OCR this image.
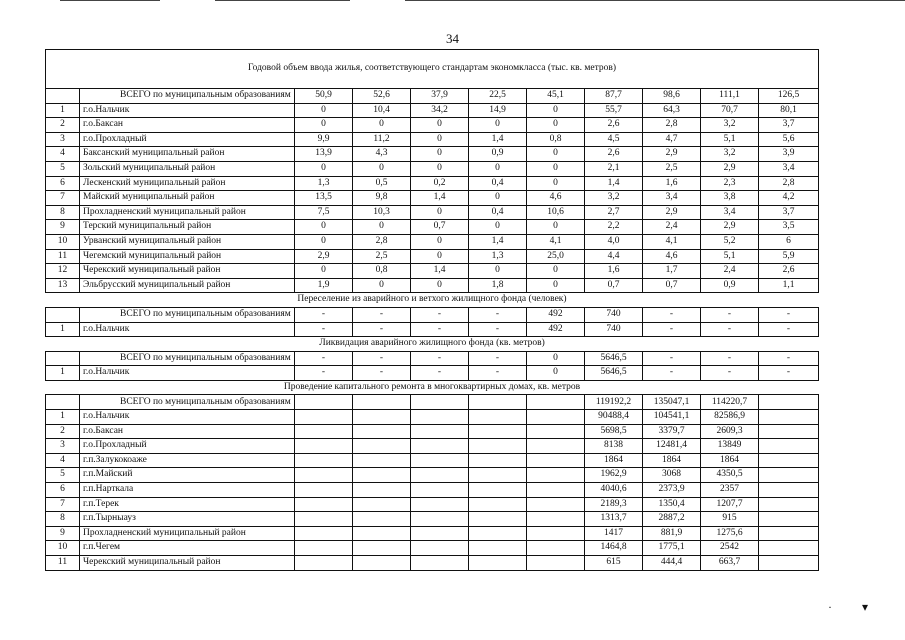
34
Годовой объем ввода жилья, соответствующего стандартам экономкласса (тыс. кв. метров)										
	ВСЕГО по муниципальным образованиям	50,9	52,6	37,9	22,5	45,1	87,7	98,6	111,1	126,5
1	г.о.Нальчик	0	10,4	34,2	14,9	0	55,7	64,3	70,7	80,1
2	г.о.Баксан	0	0	0	0	0	2,6	2,8	3,2	3,7
3	г.о.Прохладный	9,9	11,2	0	1,4	0,8	4,5	4,7	5,1	5,6
4	Баксанский муниципальный район	13,9	4,3	0	0,9	0	2,6	2,9	3,2	3,9
5	Зольский муниципальный район	0	0	0	0	0	2,1	2,5	2,9	3,4
6	Лескенский муниципальный район	1,3	0,5	0,2	0,4	0	1,4	1,6	2,3	2,8
7	Майский муниципальный район	13,5	9,8	1,4	0	4,6	3,2	3,4	3,8	4,2
8	Прохладненский муниципальный район	7,5	10,3	0	0,4	10,6	2,7	2,9	3,4	3,7
9	Терский муниципальный район	0	0	0,7	0	0	2,2	2,4	2,9	3,5
10	Урванский муниципальный район	0	2,8	0	1,4	4,1	4,0	4,1	5,2	6
11	Чегемский муниципальный район	2,9	2,5	0	1,3	25,0	4,4	4,6	5,1	5,9
12	Черекский муниципальный район	0	0,8	1,4	0	0	1,6	1,7	2,4	2,6
13	Эльбрусский муниципальный район	1,9	0	0	1,8	0	0,7	0,7	0,9	1,1
Переселение из аварийного и ветхого жилищного фонда (человек)										
	ВСЕГО по муниципальным образованиям	-	-	-	-	492	740	-	-	-
1	г.о.Нальчик	-	-	-	-	492	740	-	-	-
Ликвидация аварийного жилищного фонда (кв. метров)										
	ВСЕГО по муниципальным образованиям	-	-	-	-	0	5646,5	-	-	-
1	г.о.Нальчик	-	-	-	-	0	5646,5	-	-	-
Проведение капитального ремонта в многоквартирных домах, кв. метров										
	ВСЕГО по муниципальным образованиям						119192,2	135047,1	114220,7	
1	г.о.Нальчик						90488,4	104541,1	82586,9	
2	г.о.Баксан						5698,5	3379,7	2609,3	
3	г.о.Прохладный						8138	12481,4	13849	
4	г.п.Залукокоаже						1864	1864	1864	
5	г.п.Майский						1962,9	3068	4350,5	
6	г.п.Нарткала						4040,6	2373,9	2357	
7	г.п.Терек						2189,3	1350,4	1207,7	
8	г.п.Тырныауз						1313,7	2887,2	915	
9	Прохладненский муниципальный район						1417	881,9	1275,6	
10	г.п.Чегем						1464,8	1775,1	2542	
11	Черекский муниципальный район						615	444,4	663,7	
·	▾
